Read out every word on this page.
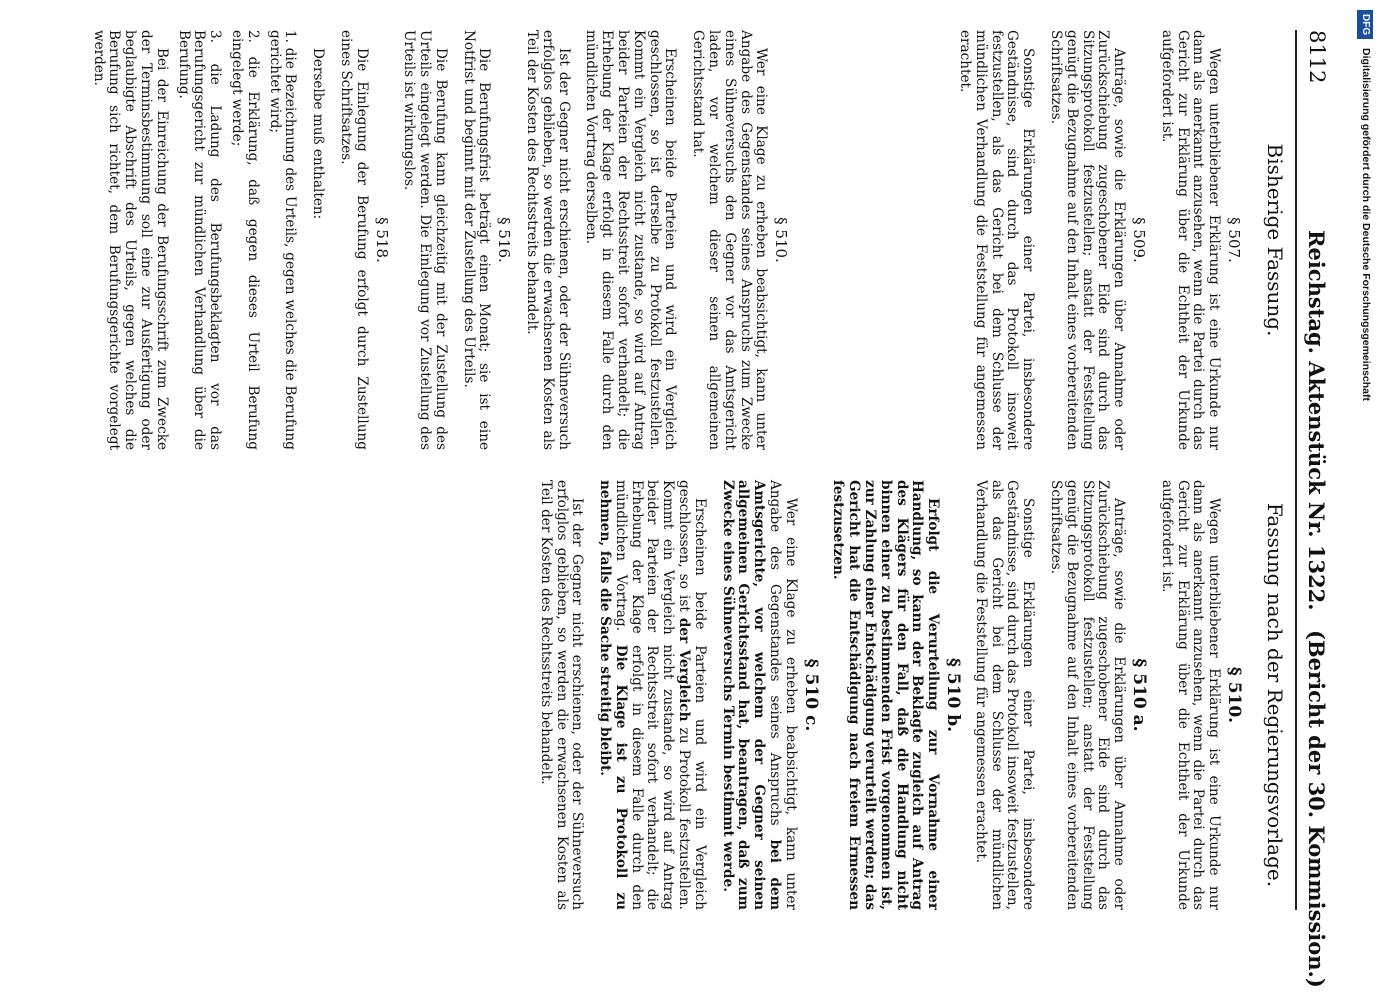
8112
Reichstag. Aktenstück Nr. 1322.
(Bericht der 30. Kommission.)
Bisherige Fassung.
Fassung nach der Regierungsvorlage.
§ 507.

Wegen unterbliebener Erklärung ist eine Urkunde nur dann als anerkannt anzusehen, wenn die Partei durch das Gericht zur Erklärung über die Echtheit der Urkunde aufgefordert ist.

§ 509.

Anträge, sowie die Erklärungen über Annahme oder Zurückschiebung zugeschobener Eide sind durch das Sitzungsprotokoll festzustellen; anstatt der Feststellung genügt die Bezugnahme auf den Inhalt eines vorbereitenden Schriftsatzes.

Sonstige Erklärungen einer Partei, insbesondere Geständnisse, sind durch das Protokoll insoweit festzustellen, als das Gericht bei dem Schlusse der mündlichen Verhandlung die Feststellung für angemessen erachtet.

§ 510.

Wer eine Klage zu erheben beabsichtigt, kann unter Angabe des Gegenstandes seines Anspruchs zum Zwecke eines Sühneversuchs den Gegner vor das Amtsgericht laden, vor welchem dieser seinen allgemeinen Gerichtsstand hat.

Erscheinen beide Parteien und wird ein Vergleich geschlossen, so ist derselbe zu Protokoll festzustellen. Kommt ein Vergleich nicht zustande, so wird auf Antrag beider Parteien der Rechtsstreit sofort verhandelt; die Erhebung der Klage erfolgt in diesem Falle durch den mündlichen Vortrag derselben.

Ist der Gegner nicht erschienen, oder der Sühneversuch erfolglos geblieben, so werden die erwachsenen Kosten als Teil der Kosten des Rechtsstreits behandelt.

§ 516.

Die Berufungsfrist beträgt einen Monat; sie ist eine Notfrist und beginnt mit der Zustellung des Urteils.

Die Berufung kann gleichzeitig mit der Zustellung des Urteils eingelegt werden. Die Einlegung vor Zustellung des Urteils ist wirkungslos.

§ 518.

Die Einlegung der Berufung erfolgt durch Zustellung eines Schriftsatzes.

Derselbe muß enthalten:

1. die Bezeichnung des Urteils, gegen welches die Berufung gerichtet wird;

2. die Erklärung, daß gegen dieses Urteil Berufung eingelegt werde;

3. die Ladung des Berufungsbeklagten vor das Berufungsgericht zur mündlichen Verhandlung über die Berufung.

Bei der Einreichung der Berufungsschrift zum Zwecke der Terminsbestimmung soll eine zur Ausfertigung oder beglaubigte Abschrift des Urteils, gegen welches die Berufung sich richtet, dem Berufungsgerichte vorgelegt werden.

§ 510.

Wegen unterbliebener Erklärung ist eine Urkunde nur dann als anerkannt anzusehen, wenn die Partei durch das Gericht zur Erklärung über die Echtheit der Urkunde aufgefordert ist.

§ 510 a.

Anträge, sowie die Erklärungen über Annahme oder Zurückschiebung zugeschobener Eide sind durch das Sitzungsprotokoll festzustellen; anstatt der Feststellung genügt die Bezugnahme auf den Inhalt eines vorbereitenden Schriftsatzes.

Sonstige Erklärungen einer Partei, insbesondere Geständnisse, sind durch das Protokoll insoweit festzustellen, als das Gericht bei dem Schlusse der mündlichen Verhandlung die Feststellung für angemessen erachtet.

§ 510 b.

Erfolgt die Verurteilung zur Vornahme einer Handlung, so kann der Beklagte zugleich auf Antrag des Klägers für den Fall, daß die Handlung nicht binnen einer zu bestimmenden Frist vorgenommen ist, zur Zahlung einer Entschädigung verurteilt werden; das Gericht hat die Entschädigung nach freiem Ermessen festzusetzen.

§ 510 c.

Wer eine Klage zu erheben beabsichtigt, kann unter Angabe des Gegenstandes seines Anspruchs bei dem Amtsgerichte, vor welchem der Gegner seinen allgemeinen Gerichtsstand hat, beantragen, daß zum Zwecke eines Sühneversuchs Termin bestimmt werde.

Erscheinen beide Parteien und wird ein Vergleich geschlossen, so ist der Vergleich zu Protokoll festzustellen. Kommt ein Vergleich nicht zustande, so wird auf Antrag beider Parteien der Rechtsstreit sofort verhandelt; die Erhebung der Klage erfolgt in diesem Falle durch den mündlichen Vortrag. Die Klage ist zu Protokoll zu nehmen, falls die Sache streitig bleibt.

Ist der Gegner nicht erschienen, oder der Sühneversuch erfolglos geblieben, so werden die erwachsenen Kosten als Teil der Kosten des Rechtsstreits behandelt.

DFG Digitalisierung gefördert durch die Deutsche Forschungsgemeinschaft
